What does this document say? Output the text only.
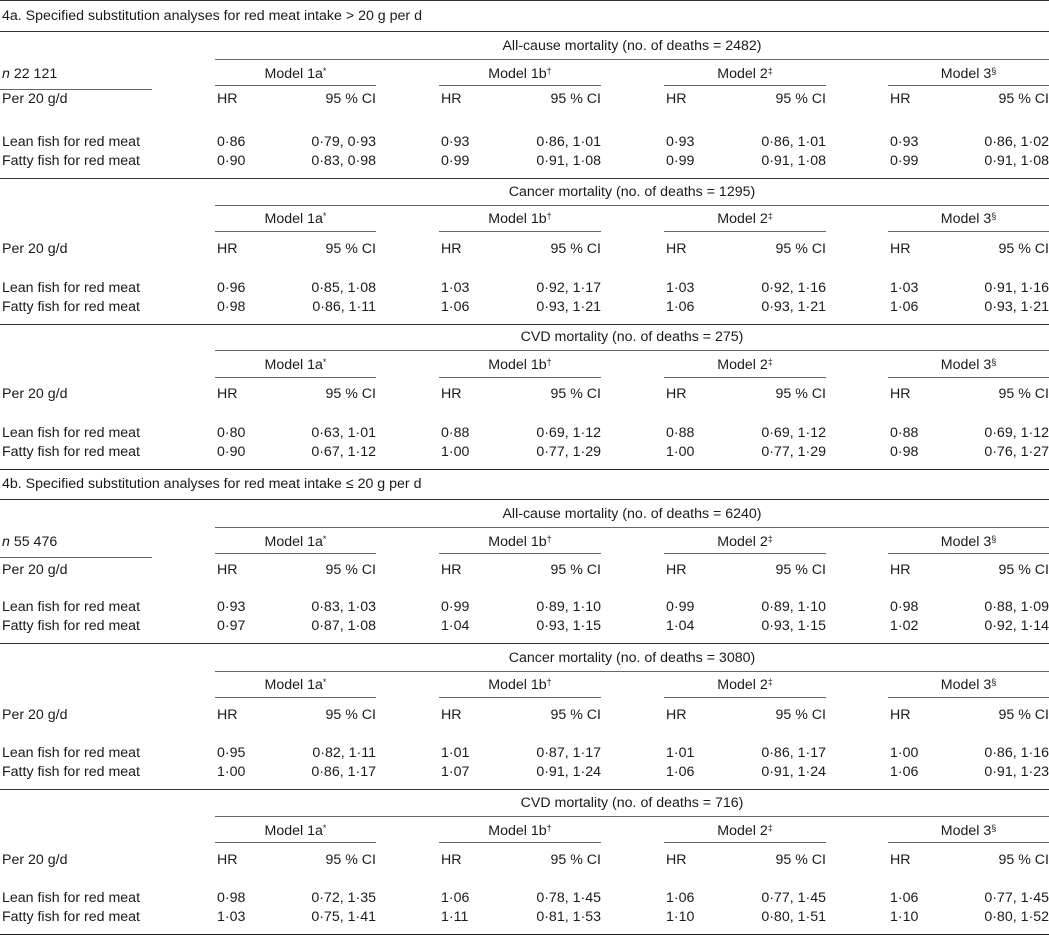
4a. Specified substitution analyses for red meat intake > 20 g per d
All-cause mortality (no. of deaths = 2482)
n 22 121
Per 20 g/d
Model 1a*
HR	95 % CI
Model 1b†
HR	95 % CI
Model 2‡
HR	95 % CI
Model 3§
HR	95 % CI
Lean fish for red meat	0·86	0·79, 0·93	0·93	0·86, 1·01	0·93	0·86, 1·01	0·93	0·86, 1·02
Fatty fish for red meat	0·90	0·83, 0·98	0·99	0·91, 1·08	0·99	0·91, 1·08	0·99	0·91, 1·08
Cancer mortality (no. of deaths = 1295)
Per 20 g/d
Model 1a*
HR	95 % CI
Model 1b†
HR	95 % CI
Model 2‡
HR	95 % CI
Model 3§
HR	95 % CI
Lean fish for red meat	0·96	0·85, 1·08	1·03	0·92, 1·17	1·03	0·92, 1·16	1·03	0·91, 1·16
Fatty fish for red meat	0·98	0·86, 1·11	1·06	0·93, 1·21	1·06	0·93, 1·21	1·06	0·93, 1·21
CVD mortality (no. of deaths = 275)
Per 20 g/d
Model 1a*
HR	95 % CI
Model 1b†
HR	95 % CI
Model 2‡
HR	95 % CI
Model 3§
HR	95 % CI
Lean fish for red meat	0·80	0·63, 1·01	0·88	0·69, 1·12	0·88	0·69, 1·12	0·88	0·69, 1·12
Fatty fish for red meat	0·90	0·67, 1·12	1·00	0·77, 1·29	1·00	0·77, 1·29	0·98	0·76, 1·27
4b. Specified substitution analyses for red meat intake ≤ 20 g per d
All-cause mortality (no. of deaths = 6240)
n 55 476
Per 20 g/d
Model 1a*
HR	95 % CI
Model 1b†
HR	95 % CI
Model 2‡
HR	95 % CI
Model 3§
HR	95 % CI
Lean fish for red meat	0·93	0·83, 1·03	0·99	0·89, 1·10	0·99	0·89, 1·10	0·98	0·88, 1·09
Fatty fish for red meat	0·97	0·87, 1·08	1·04	0·93, 1·15	1·04	0·93, 1·15	1·02	0·92, 1·14
Cancer mortality (no. of deaths = 3080)
Per 20 g/d
Model 1a*
HR	95 % CI
Model 1b†
HR	95 % CI
Model 2‡
HR	95 % CI
Model 3§
HR	95 % CI
Lean fish for red meat	0·95	0·82, 1·11	1·01	0·87, 1·17	1·01	0·86, 1·17	1·00	0·86, 1·16
Fatty fish for red meat	1·00	0·86, 1·17	1·07	0·91, 1·24	1·06	0·91, 1·24	1·06	0·91, 1·23
CVD mortality (no. of deaths = 716)
Per 20 g/d
Model 1a*
HR	95 % CI
Model 1b†
HR	95 % CI
Model 2‡
HR	95 % CI
Model 3§
HR	95 % CI
Lean fish for red meat	0·98	0·72, 1·35	1·06	0·78, 1·45	1·06	0·77, 1·45	1·06	0·77, 1·45
Fatty fish for red meat	1·03	0·75, 1·41	1·11	0·81, 1·53	1·10	0·80, 1·51	1·10	0·80, 1·52
